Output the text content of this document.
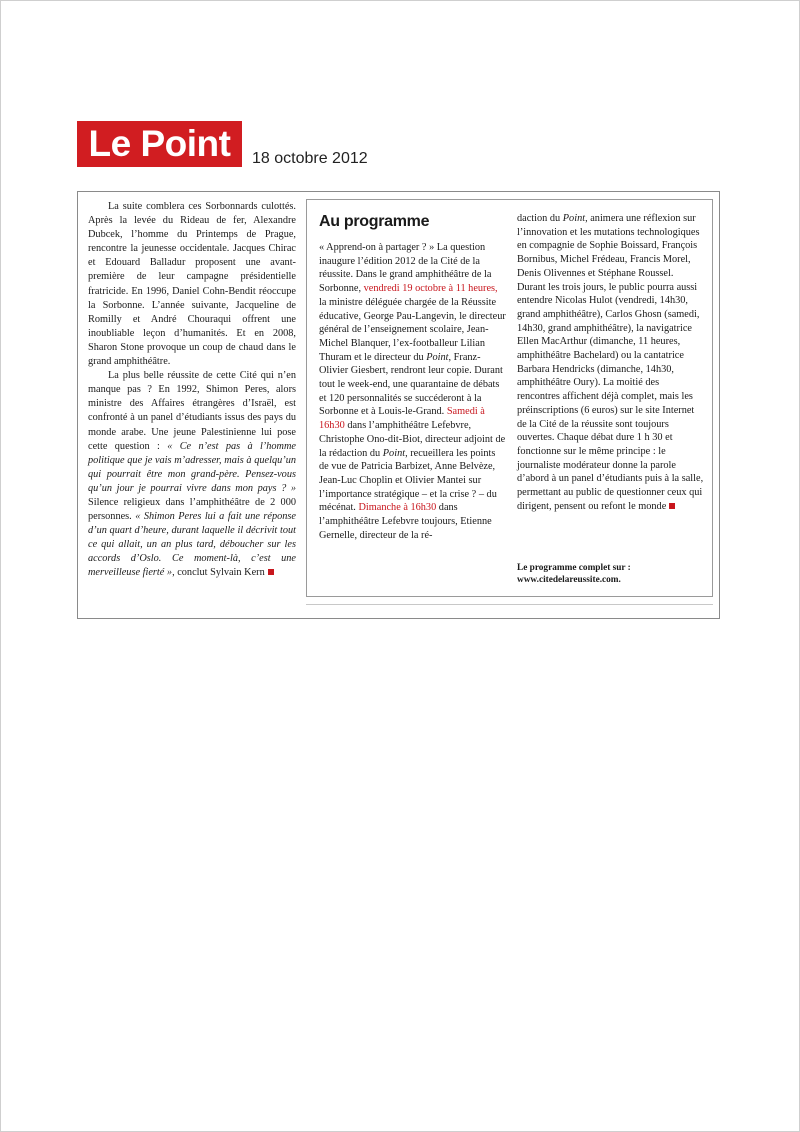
Le Point	18 octobre 2012

La suite comblera ces Sorbonnards culottés. Après la levée du Rideau de fer, Alexandre Dubcek, l’homme du Printemps de Prague, rencontre la jeunesse occidentale. Jacques Chirac et Edouard Balladur proposent une avant-première de leur campagne présidentielle fratricide. En 1996, Daniel Cohn-Bendit réoccupe la Sorbonne. L’année suivante, Jacqueline de Romilly et André Chouraqui offrent une inoubliable leçon d’humanités. Et en 2008, Sharon Stone provoque un coup de chaud dans le grand amphithéâtre.

La plus belle réussite de cette Cité qui n’en manque pas ? En 1992, Shimon Peres, alors ministre des Affaires étrangères d’Israël, est confronté à un panel d’étudiants issus des pays du monde arabe. Une jeune Palestinienne lui pose cette question : « Ce n’est pas à l’homme politique que je vais m’adresser, mais à quelqu’un qui pourrait être mon grand-père. Pensez-vous qu’un jour je pourrai vivre dans mon pays ? » Silence religieux dans l’amphithéâtre de 2 000 personnes. « Shimon Peres lui a fait une réponse d’un quart d’heure, durant laquelle il décrivit tout ce qui allait, un an plus tard, déboucher sur les accords d’Oslo. Ce moment-là, c’est une merveilleuse fierté », conclut Sylvain Kern

Au programme
« Apprend-on à partager ? » La question inaugure l’édition 2012 de la Cité de la réussite. Dans le grand amphithéâtre de la Sorbonne, vendredi 19 octobre à 11 heures, la ministre déléguée chargée de la Réussite éducative, George Pau-Langevin, le directeur général de l’enseignement scolaire, Jean-Michel Blanquer, l’ex-footballeur Lilian Thuram et le directeur du Point, Franz-Olivier Giesbert, rendront leur copie. Durant tout le week-end, une quarantaine de débats et 120 personnalités se succéderont à la Sorbonne et à Louis-le-Grand. Samedi à 16h30 dans l’amphithéâtre Lefebvre, Christophe Ono-dit-Biot, directeur adjoint de la rédaction du Point, recueillera les points de vue de Patricia Barbizet, Anne Belvèze, Jean-Luc Choplin et Olivier Mantei sur l’importance stratégique – et la crise ? – du mécénat. Dimanche à 16h30 dans l’amphithéâtre Lefebvre toujours, Etienne Gernelle, directeur de la ré-
daction du Point, animera une réflexion sur l’innovation et les mutations technologiques en compagnie de Sophie Boissard, François Bornibus, Michel Frédeau, Francis Morel, Denis Olivennes et Stéphane Roussel. Durant les trois jours, le public pourra aussi entendre Nicolas Hulot (vendredi, 14h30, grand amphithéâtre), Carlos Ghosn (samedi, 14h30, grand amphithéâtre), la navigatrice Ellen MacArthur (dimanche, 11 heures, amphithéâtre Bachelard) ou la cantatrice Barbara Hendricks (dimanche, 14h30, amphithéâtre Oury). La moitié des rencontres affichent déjà complet, mais les préinscriptions (6 euros) sur le site Internet de la Cité de la réussite sont toujours ouvertes. Chaque débat dure 1 h 30 et fonctionne sur le même principe : le journaliste modérateur donne la parole d’abord à un panel d’étudiants puis à la salle, permettant au public de questionner ceux qui dirigent, pensent ou refont le monde
Le programme complet sur :
www.citedelareussite.com.
